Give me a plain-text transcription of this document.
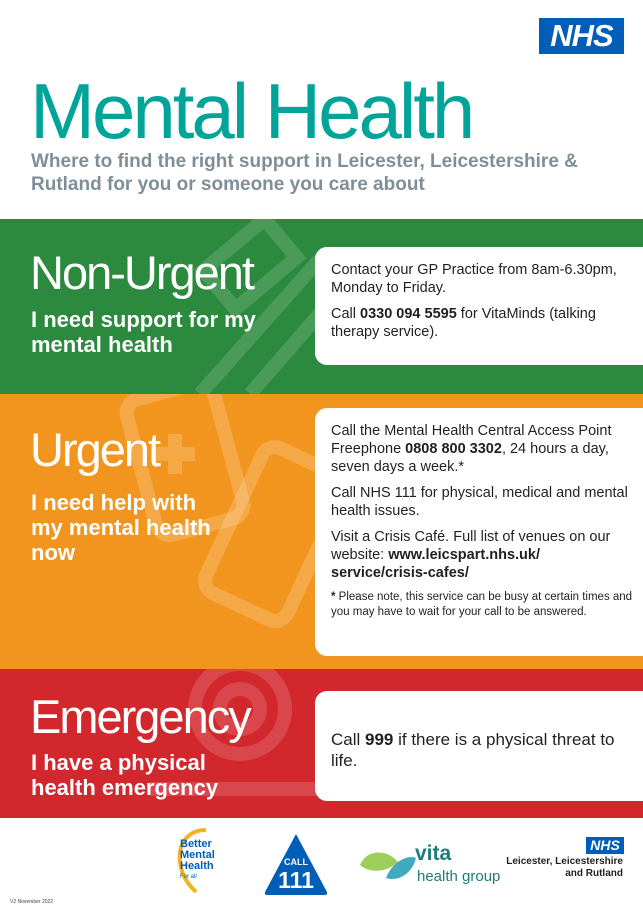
NHS
Mental Health
Where to find the right support in Leicester, Leicestershire & Rutland for you or someone you care about
Non-Urgent
I need support for my mental health

Contact your GP Practice from 8am-6.30pm, Monday to Friday.

Call 0330 094 5595 for VitaMinds (talking therapy service).

Urgent
I need help with my mental health now

Call the Mental Health Central Access Point Freephone 0808 800 3302, 24 hours a day, seven days a week.*

Call NHS 111 for physical, medical and mental health issues.

Visit a Crisis Café. Full list of venues on our website: www.leicspart.nhs.uk/ service/crisis-cafes/

* Please note, this service can be busy at certain times and you may have to wait for your call to be answered.

Emergency
I have a physical health emergency

Call 999 if there is a physical threat to life.

Better
Mental
Health
For all
CALL
111
vita
health group
NHS
Leicester, Leicestershire and Rutland
V2 November 2022
